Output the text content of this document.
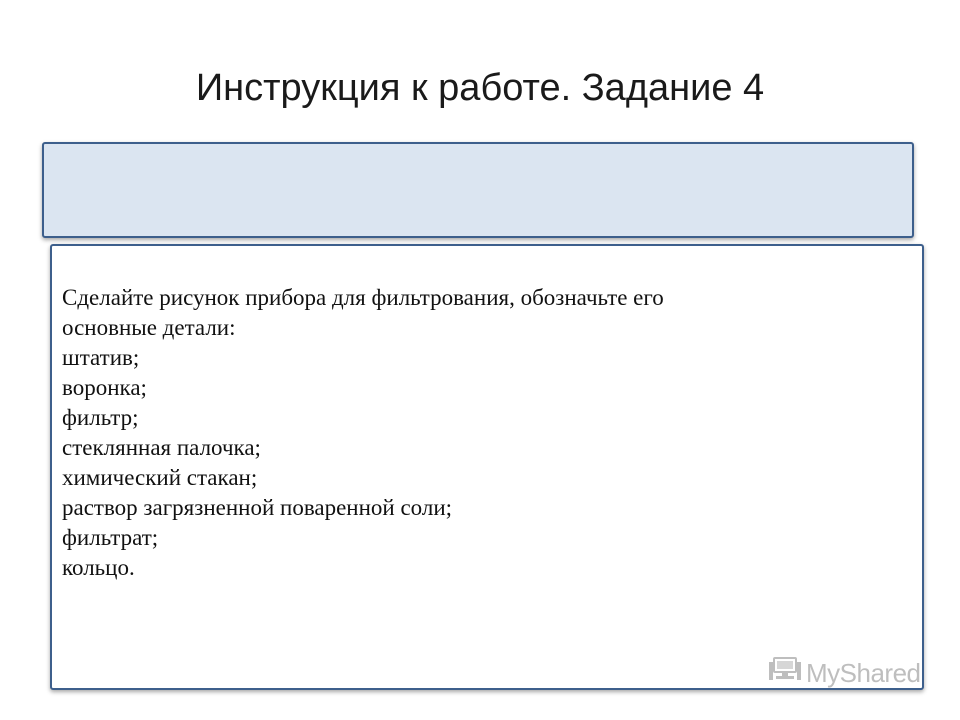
Инструкция к работе. Задание 4
Сделайте рисунок прибора для фильтрования, обозначьте его
основные детали:
штатив;
воронка;
фильтр;
стеклянная палочка;
химический стакан;
раствор загрязненной поваренной соли;
фильтрат;
кольцо.
MyShared
